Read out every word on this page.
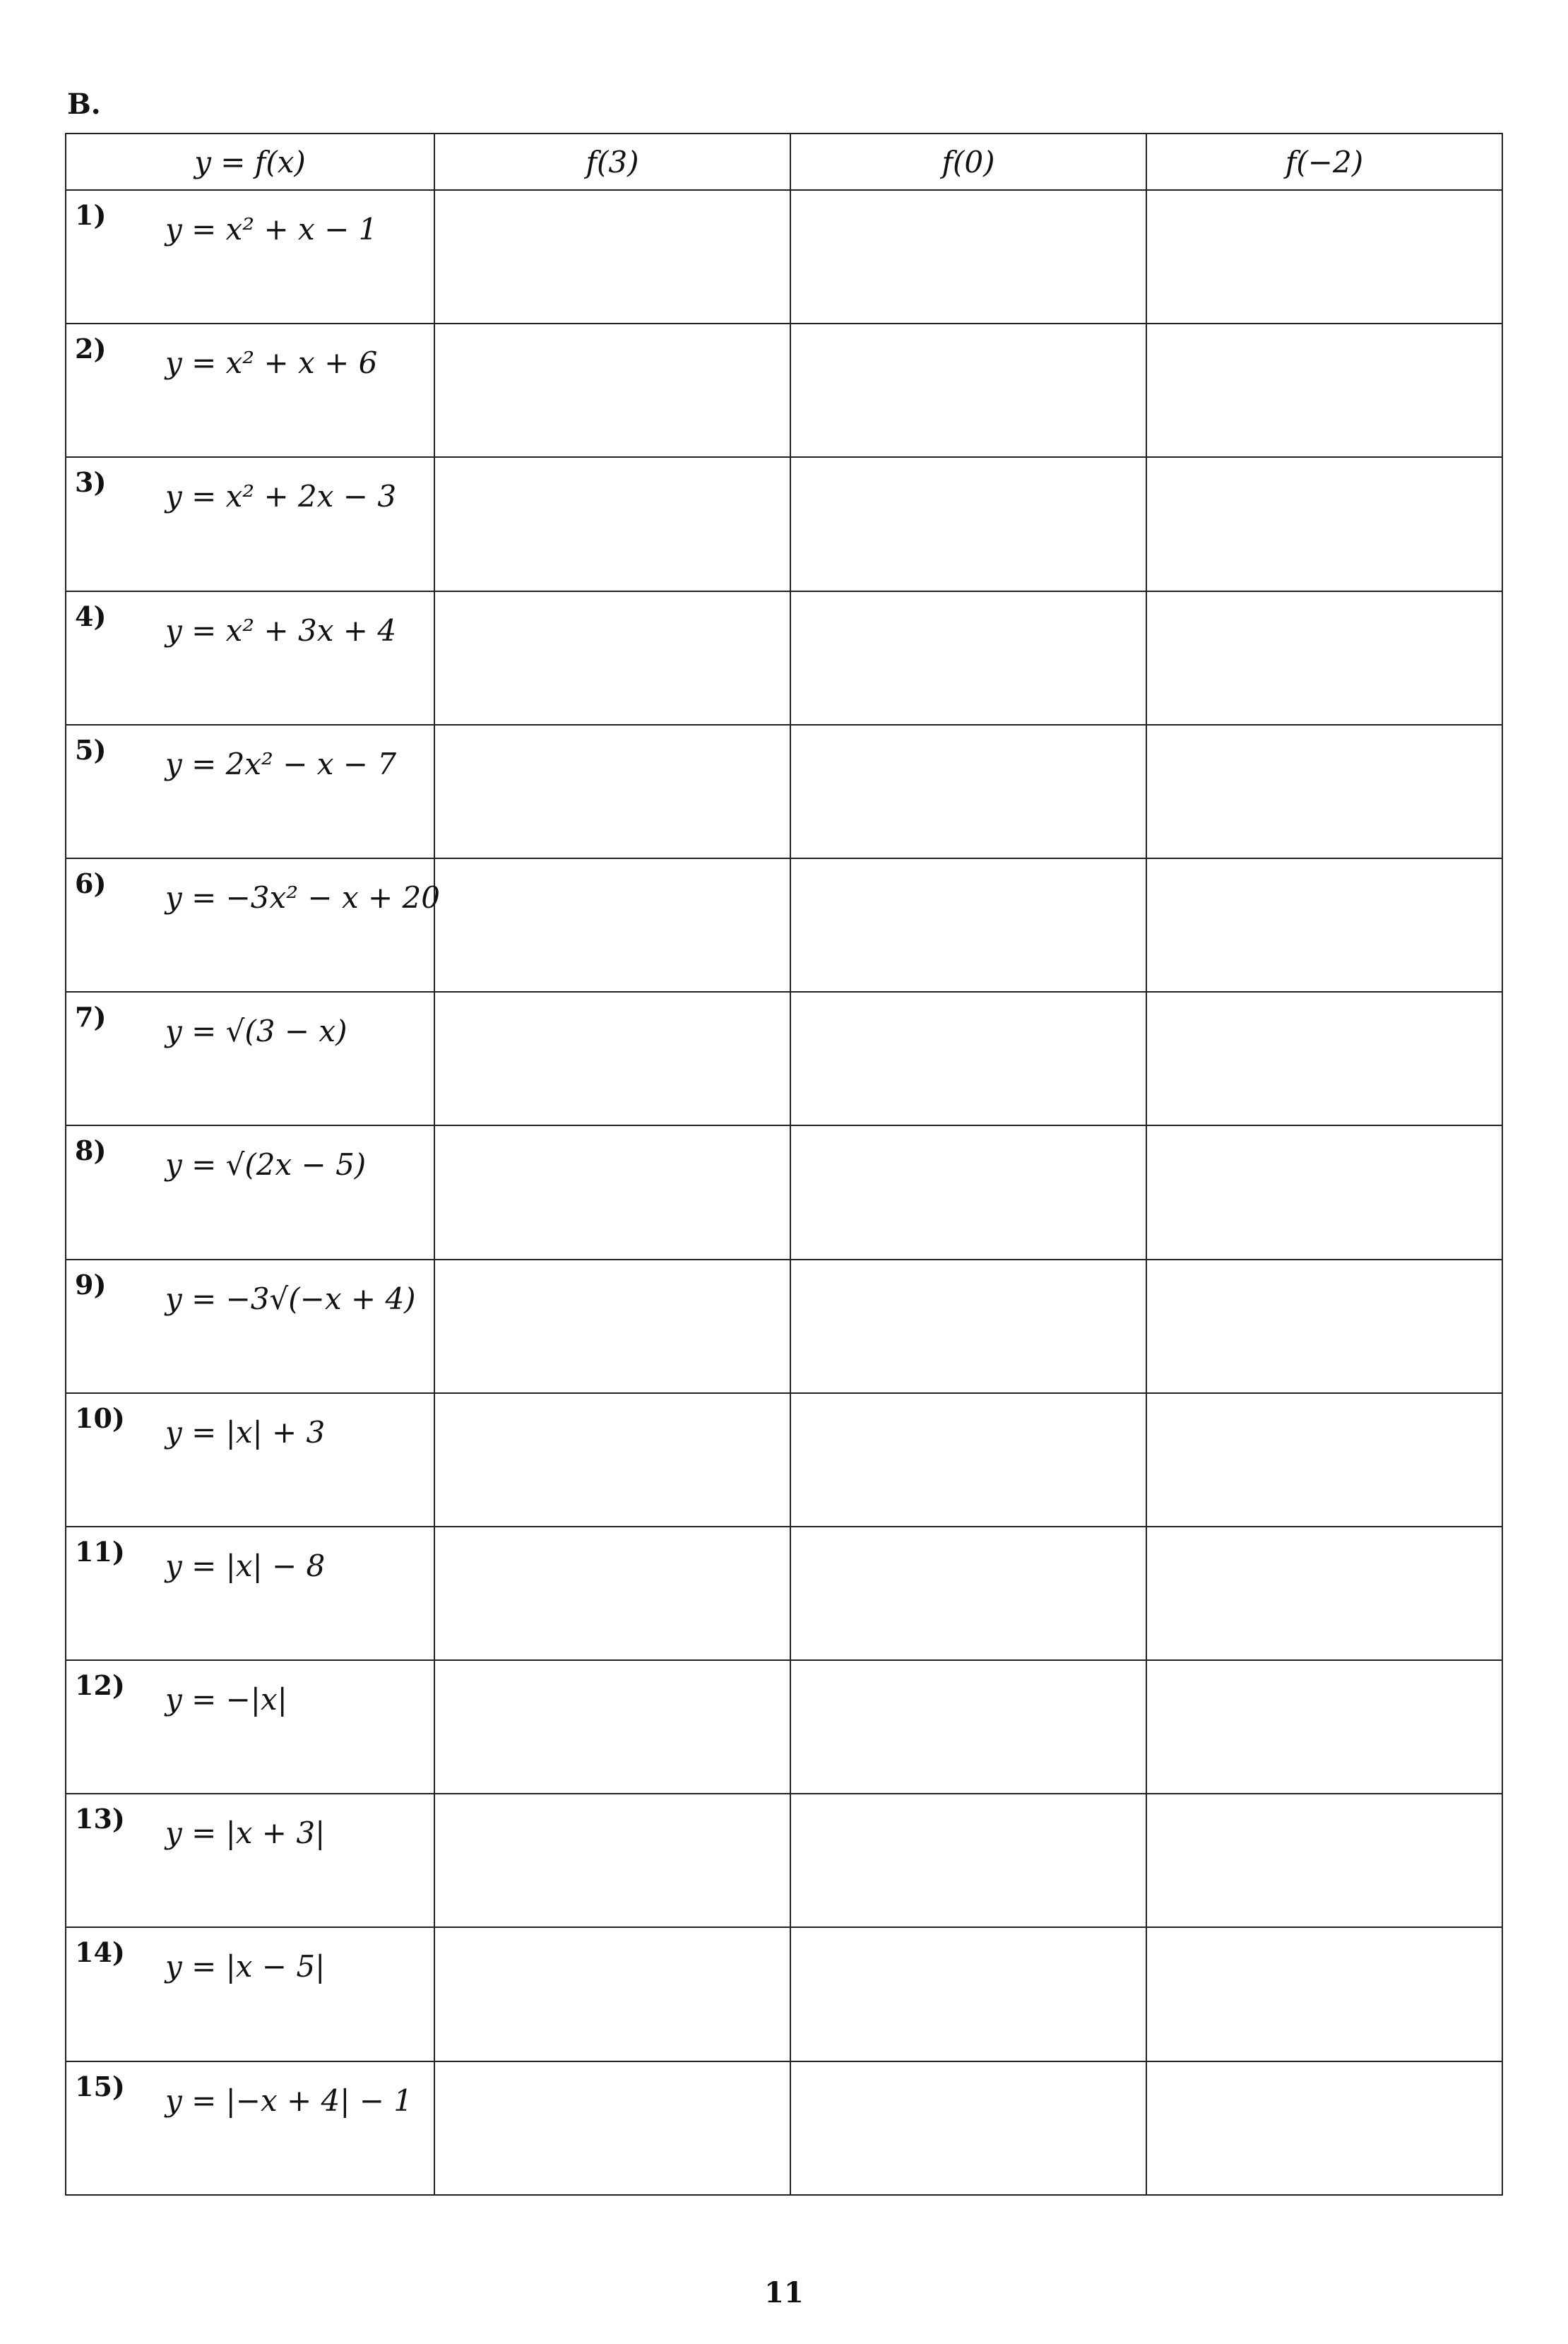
B.
y = f(x)	f(3)	f(0)	f(−2)

1) y = x² + x − 1			

2) y = x² + x + 6			

3) y = x² + 2x − 3			

4) y = x² + 3x + 4			

5) y = 2x² − x − 7			

6) y = −3x² − x + 20			

7) y = √(3 − x)			

8) y = √(2x − 5)			

9) y = −3√(−x + 4)			

10) y = |x| + 3			

11) y = |x| − 8			

12) y = −|x|			

13) y = |x + 3|			

14) y = |x − 5|			

15) y = |−x + 4| − 1			

11
